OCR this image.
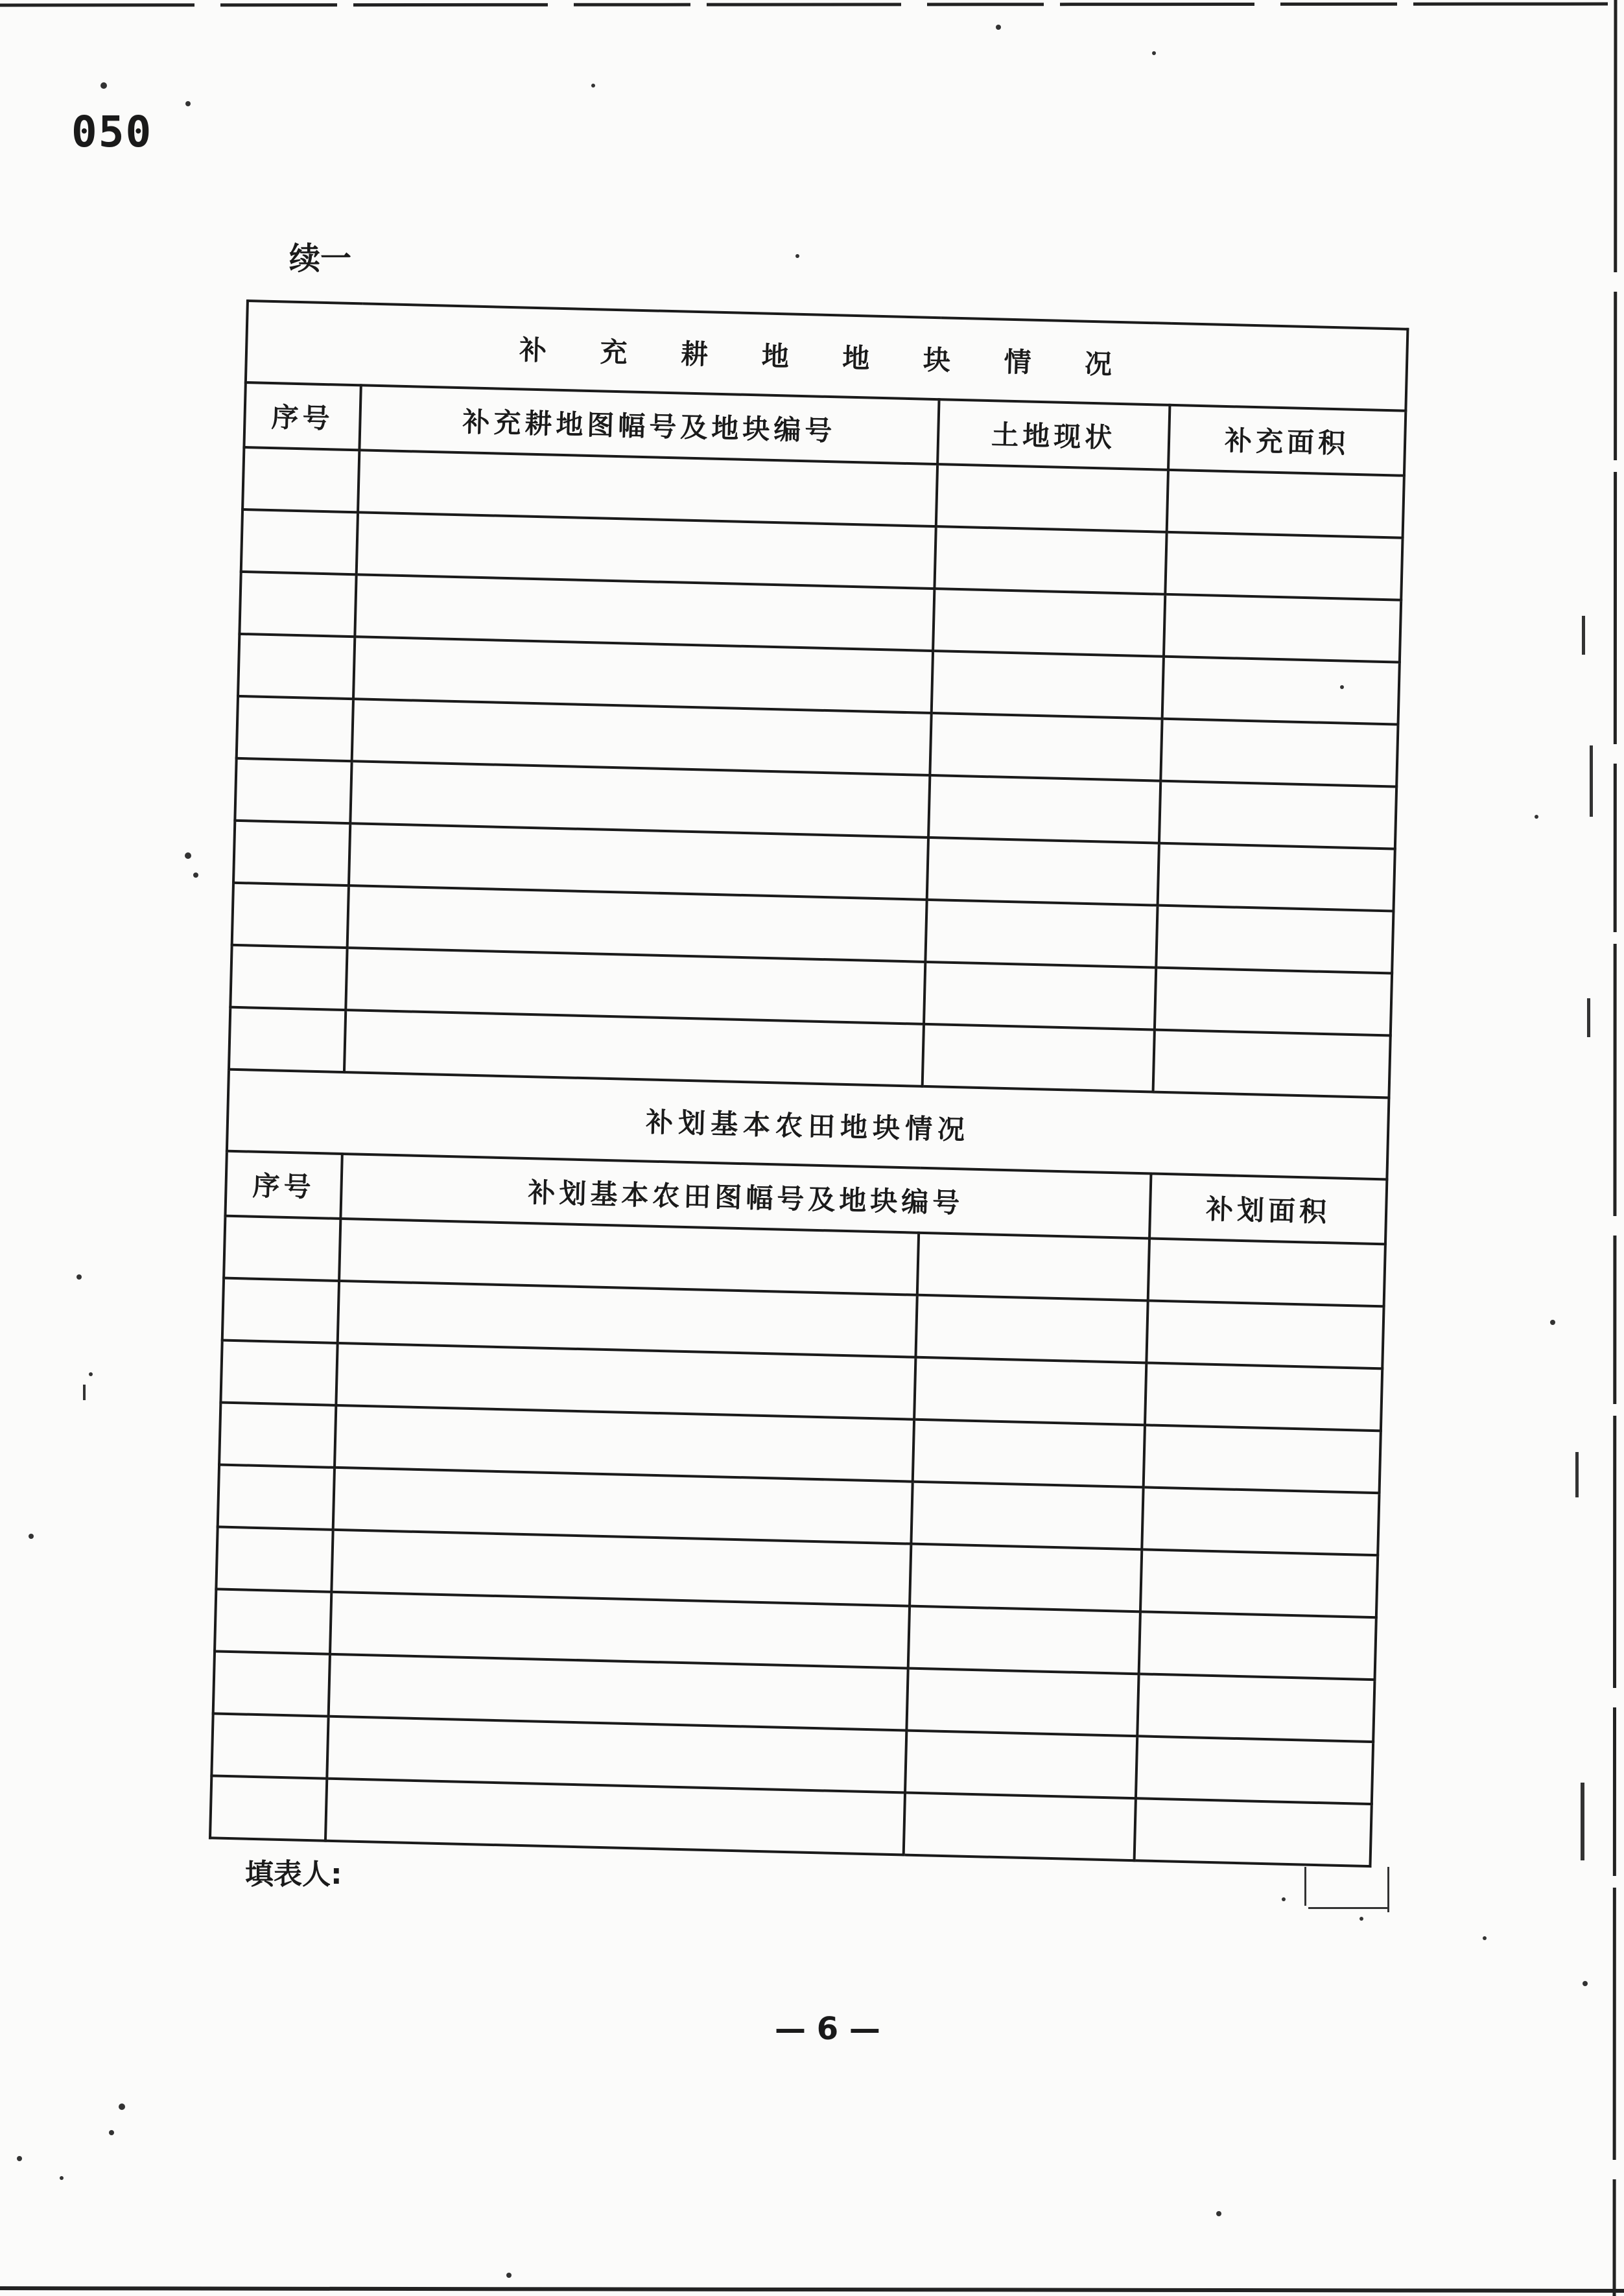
050
续一
补 充 耕 地 地 块 情 况			
序号	补充耕地图幅号及地块编号	土地现状	补充面积

补划基本农田地块情况			
序号	补划基本农田图幅号及地块编号		补划面积

填表人:
— 6 —
